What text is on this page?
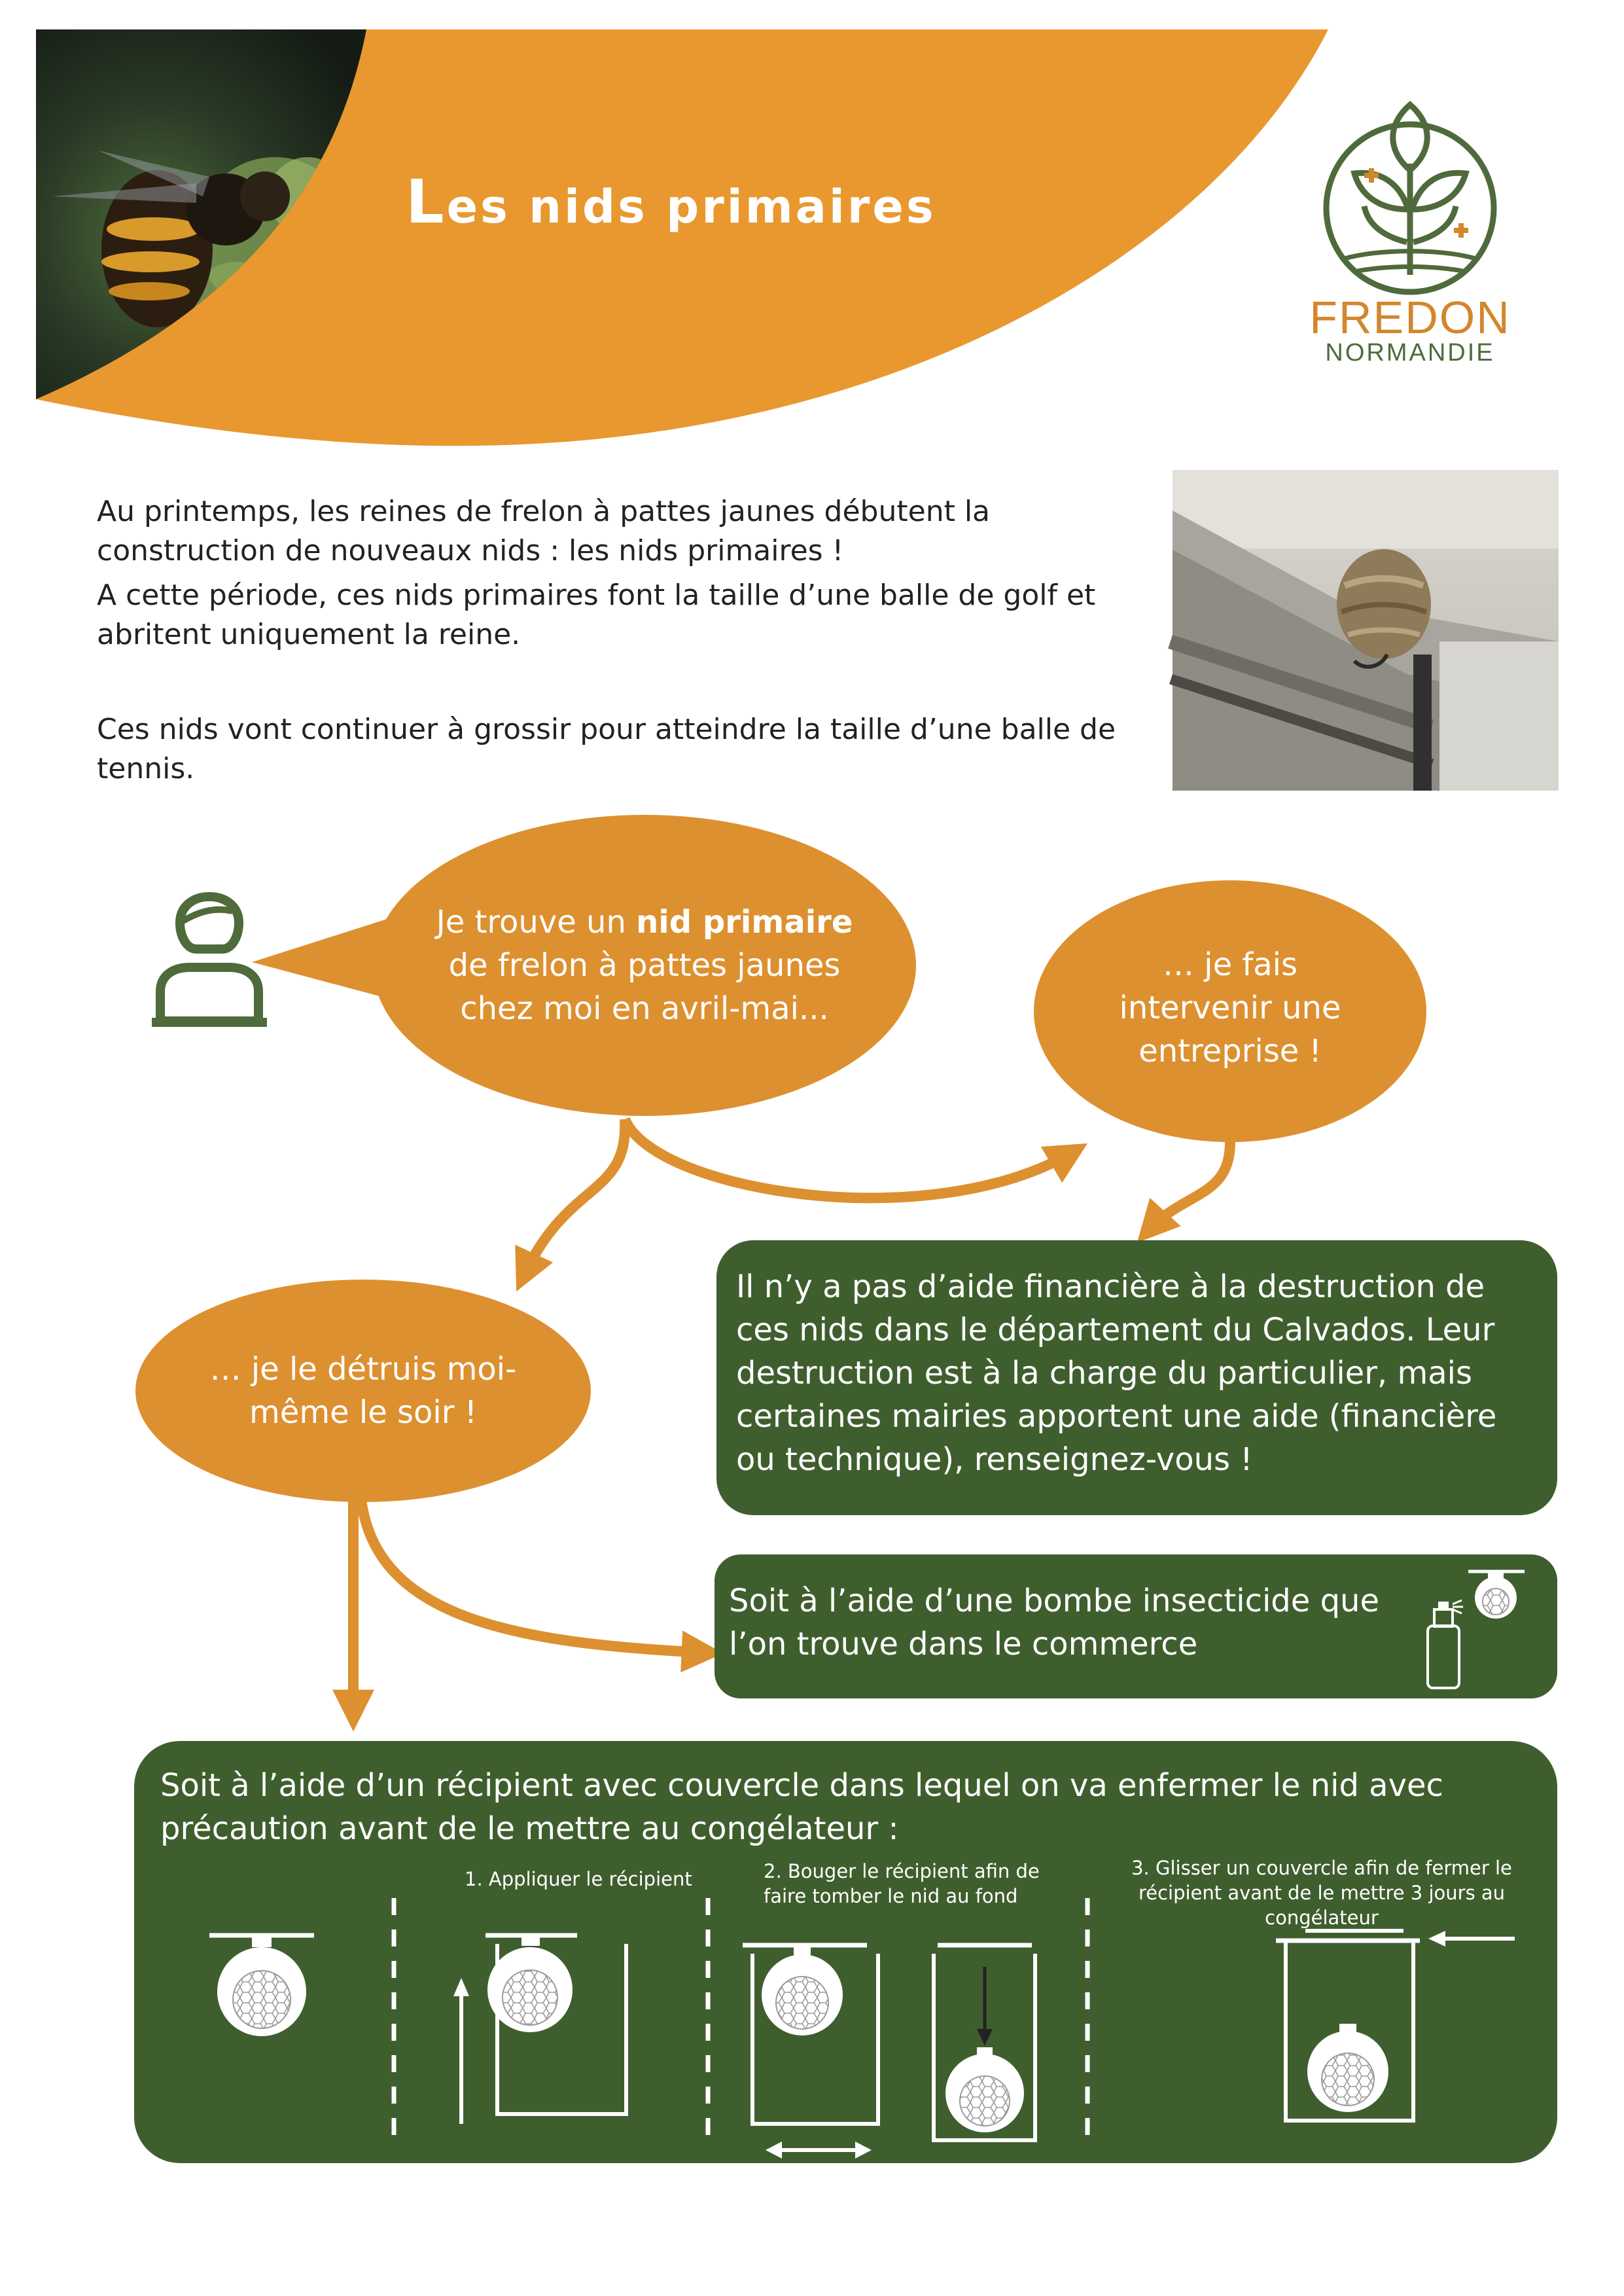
Les nids primaires
FREDON
NORMANDIE
Au printemps, les reines de frelon à pattes jaunes débutent la construction de nouveaux nids : les nids primaires !
A cette période, ces nids primaires font la taille d’une balle de golf et abritent uniquement la reine.
Ces nids vont continuer à grossir pour atteindre la taille d’une balle de tennis.
Je trouve un nid primaire de frelon à pattes jaunes chez moi en avril-mai...
… je fais intervenir une entreprise !
… je le détruis moi-même le soir !
Il n’y a pas d’aide financière à la destruction de ces nids dans le département du Calvados. Leur destruction est à la charge du particulier, mais certaines mairies apportent une aide (financière ou technique), renseignez-vous !
Soit à l’aide d’une bombe insecticide que l’on trouve dans le commerce
Soit à l’aide d’un récipient avec couvercle dans lequel on va enfermer le nid avec précaution avant de le mettre au congélateur :
1. Appliquer le récipient	2. Bouger le récipient afin de faire tomber le nid au fond
3. Glisser un couvercle afin de fermer le récipient avant de le mettre 3 jours au congélateur
